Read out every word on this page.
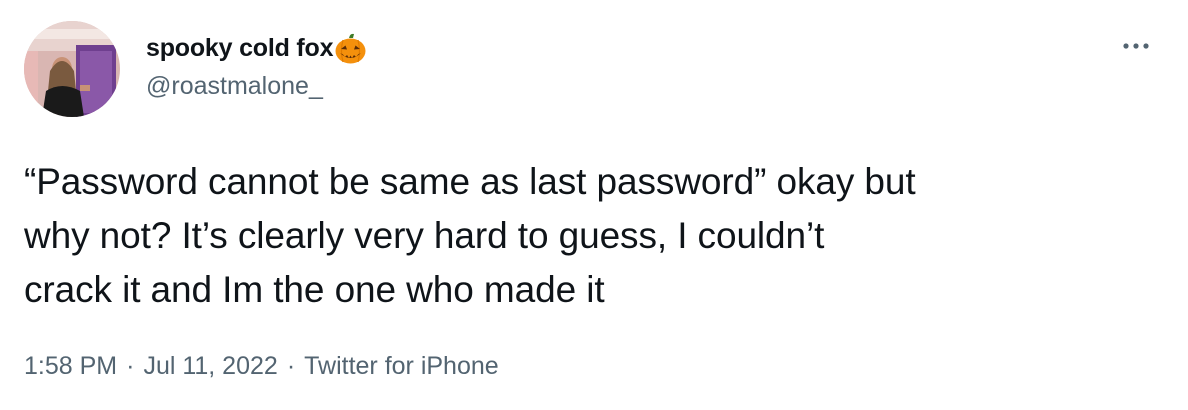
spooky cold fox
@roastmalone_
“Password cannot be same as last password” okay but
why not? It’s clearly very hard to guess, I couldn’t
crack it and Im the one who made it
1:58 PM · Jul 11, 2022 · Twitter for iPhone
